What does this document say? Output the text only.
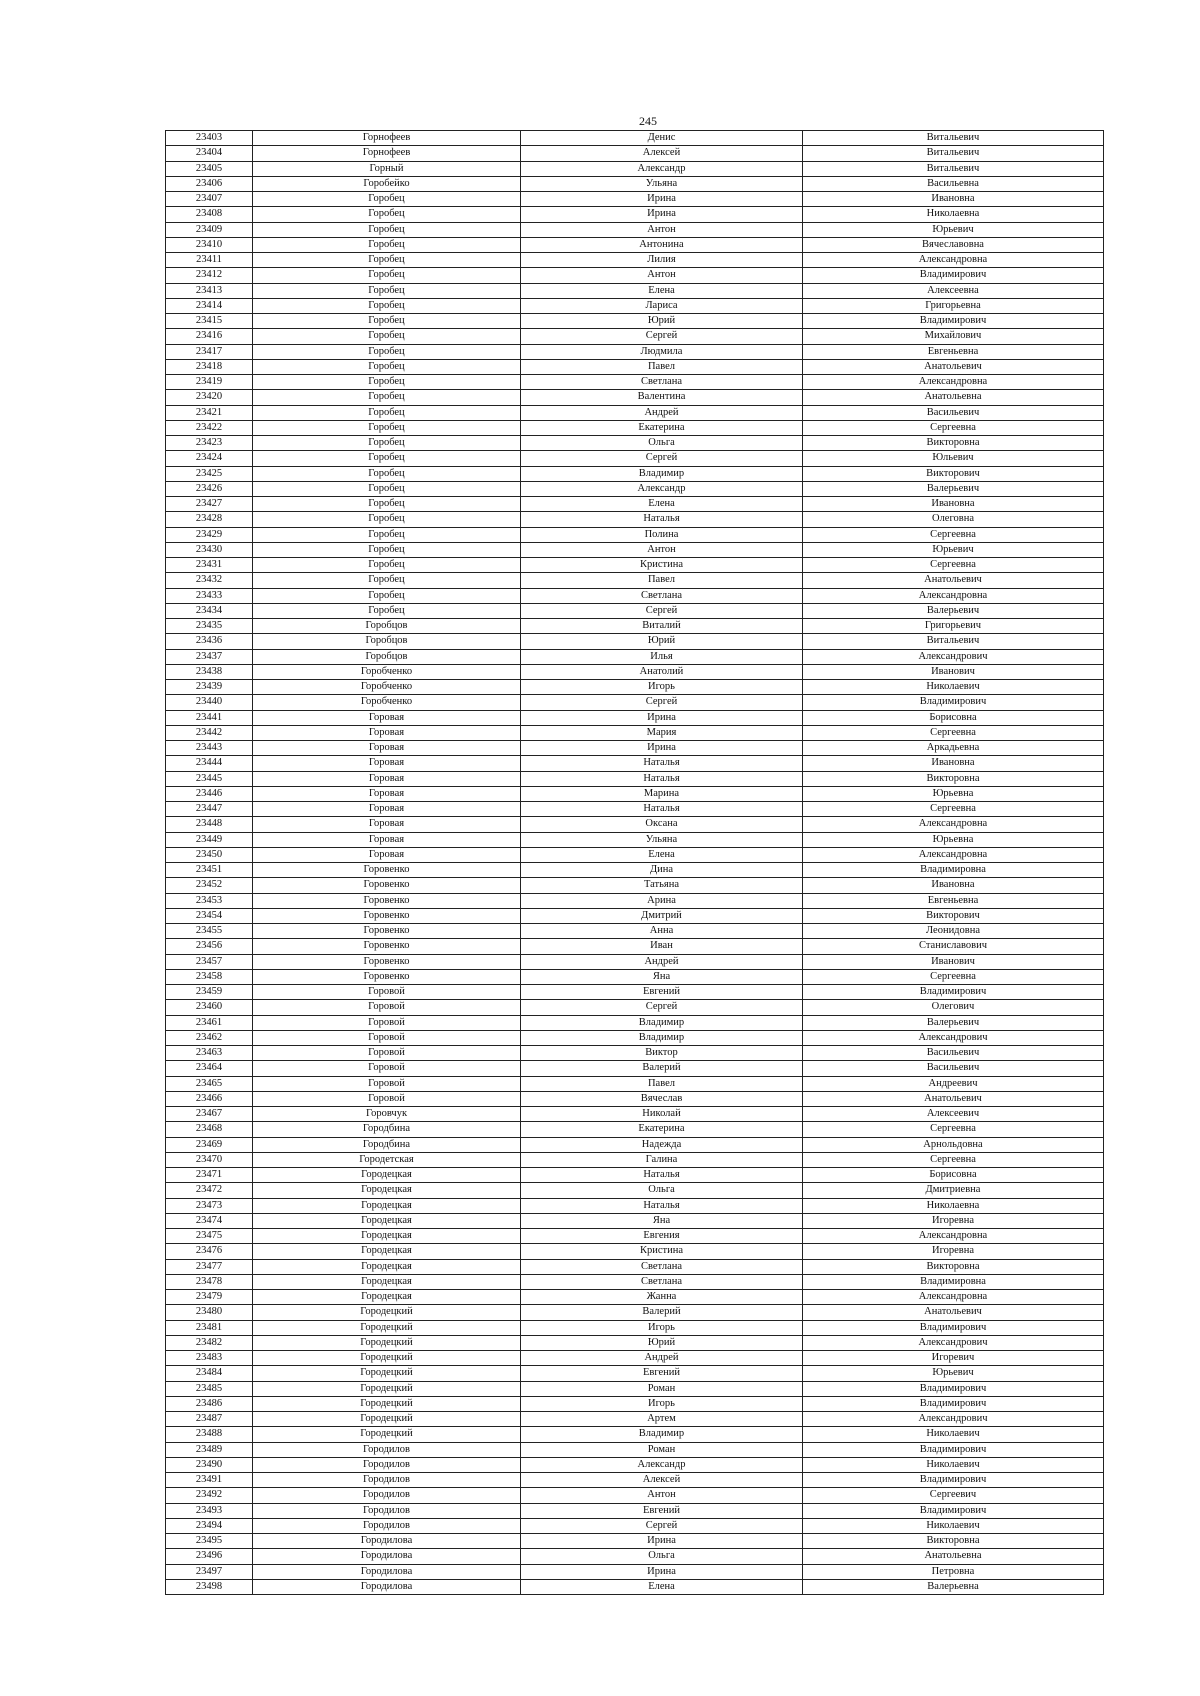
245
23403	Горнофеев	Денис	Витальевич
23404	Горнофеев	Алексей	Витальевич
23405	Горный	Александр	Витальевич
23406	Горобейко	Ульяна	Васильевна
23407	Горобец	Ирина	Ивановна
23408	Горобец	Ирина	Николаевна
23409	Горобец	Антон	Юрьевич
23410	Горобец	Антонина	Вячеславовна
23411	Горобец	Лилия	Александровна
23412	Горобец	Антон	Владимирович
23413	Горобец	Елена	Алексеевна
23414	Горобец	Лариса	Григорьевна
23415	Горобец	Юрий	Владимирович
23416	Горобец	Сергей	Михайлович
23417	Горобец	Людмила	Евгеньевна
23418	Горобец	Павел	Анатольевич
23419	Горобец	Светлана	Александровна
23420	Горобец	Валентина	Анатольевна
23421	Горобец	Андрей	Васильевич
23422	Горобец	Екатерина	Сергеевна
23423	Горобец	Ольга	Викторовна
23424	Горобец	Сергей	Юльевич
23425	Горобец	Владимир	Викторович
23426	Горобец	Александр	Валерьевич
23427	Горобец	Елена	Ивановна
23428	Горобец	Наталья	Олеговна
23429	Горобец	Полина	Сергеевна
23430	Горобец	Антон	Юрьевич
23431	Горобец	Кристина	Сергеевна
23432	Горобец	Павел	Анатольевич
23433	Горобец	Светлана	Александровна
23434	Горобец	Сергей	Валерьевич
23435	Горобцов	Виталий	Григорьевич
23436	Горобцов	Юрий	Витальевич
23437	Горобцов	Илья	Александрович
23438	Горобченко	Анатолий	Иванович
23439	Горобченко	Игорь	Николаевич
23440	Горобченко	Сергей	Владимирович
23441	Горовая	Ирина	Борисовна
23442	Горовая	Мария	Сергеевна
23443	Горовая	Ирина	Аркадьевна
23444	Горовая	Наталья	Ивановна
23445	Горовая	Наталья	Викторовна
23446	Горовая	Марина	Юрьевна
23447	Горовая	Наталья	Сергеевна
23448	Горовая	Оксана	Александровна
23449	Горовая	Ульяна	Юрьевна
23450	Горовая	Елена	Александровна
23451	Горовенко	Дина	Владимировна
23452	Горовенко	Татьяна	Ивановна
23453	Горовенко	Арина	Евгеньевна
23454	Горовенко	Дмитрий	Викторович
23455	Горовенко	Анна	Леонидовна
23456	Горовенко	Иван	Станиславович
23457	Горовенко	Андрей	Иванович
23458	Горовенко	Яна	Сергеевна
23459	Горовой	Евгений	Владимирович
23460	Горовой	Сергей	Олегович
23461	Горовой	Владимир	Валерьевич
23462	Горовой	Владимир	Александрович
23463	Горовой	Виктор	Васильевич
23464	Горовой	Валерий	Васильевич
23465	Горовой	Павел	Андреевич
23466	Горовой	Вячеслав	Анатольевич
23467	Горовчук	Николай	Алексеевич
23468	Городбина	Екатерина	Сергеевна
23469	Городбина	Надежда	Арнольдовна
23470	Городетская	Галина	Сергеевна
23471	Городецкая	Наталья	Борисовна
23472	Городецкая	Ольга	Дмитриевна
23473	Городецкая	Наталья	Николаевна
23474	Городецкая	Яна	Игоревна
23475	Городецкая	Евгения	Александровна
23476	Городецкая	Кристина	Игоревна
23477	Городецкая	Светлана	Викторовна
23478	Городецкая	Светлана	Владимировна
23479	Городецкая	Жанна	Александровна
23480	Городецкий	Валерий	Анатольевич
23481	Городецкий	Игорь	Владимирович
23482	Городецкий	Юрий	Александрович
23483	Городецкий	Андрей	Игоревич
23484	Городецкий	Евгений	Юрьевич
23485	Городецкий	Роман	Владимирович
23486	Городецкий	Игорь	Владимирович
23487	Городецкий	Артем	Александрович
23488	Городецкий	Владимир	Николаевич
23489	Городилов	Роман	Владимирович
23490	Городилов	Александр	Николаевич
23491	Городилов	Алексей	Владимирович
23492	Городилов	Антон	Сергеевич
23493	Городилов	Евгений	Владимирович
23494	Городилов	Сергей	Николаевич
23495	Городилова	Ирина	Викторовна
23496	Городилова	Ольга	Анатольевна
23497	Городилова	Ирина	Петровна
23498	Городилова	Елена	Валерьевна
